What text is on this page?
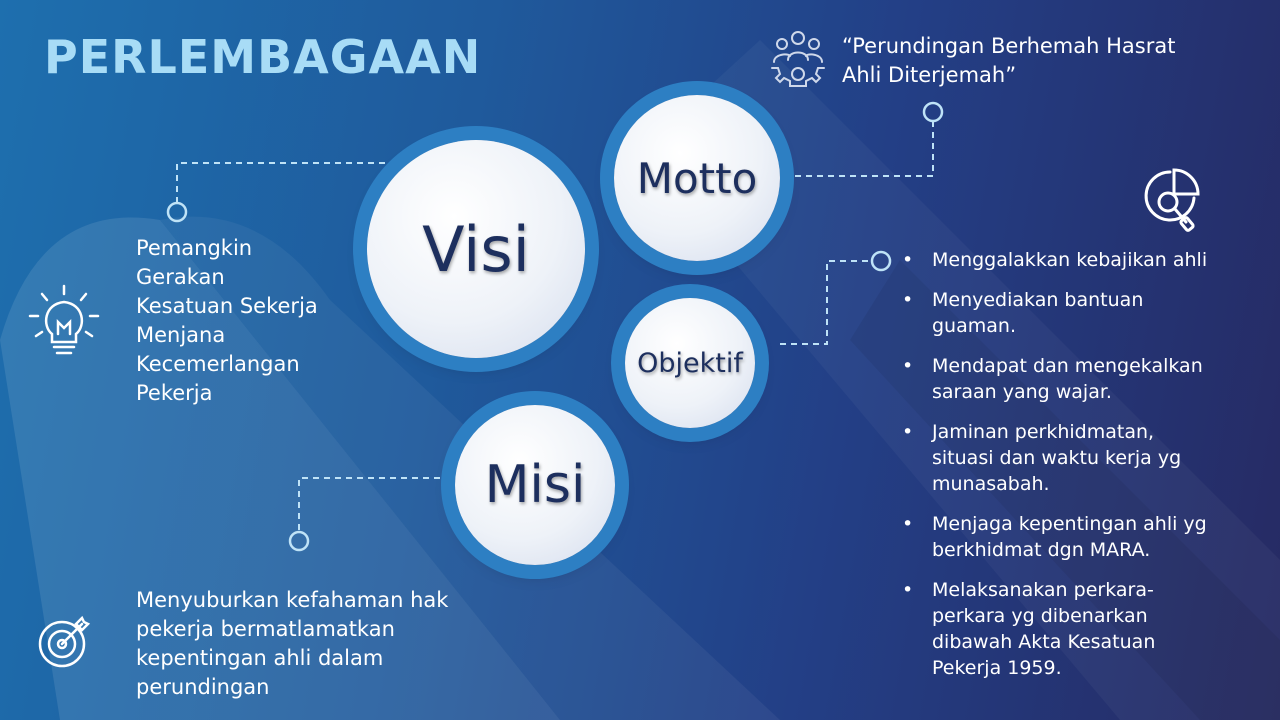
PERLEMBAGAAN
Visi
Motto
Objektif
Misi
Pemangkin
Gerakan
Kesatuan Sekerja
Menjana
Kecemerlangan
Pekerja
Menyuburkan kefahaman hak
pekerja bermatlamatkan
kepentingan ahli dalam
perundingan
“Perundingan Berhemah Hasrat
Ahli Diterjemah”
• Menggalakkan kebajikan ahli
• Menyediakan bantuan
guaman.
• Mendapat dan mengekalkan
saraan yang wajar.
• Jaminan perkhidmatan,
situasi dan waktu kerja yg
munasabah.
• Menjaga kepentingan ahli yg
berkhidmat dgn MARA.
• Melaksanakan perkara-
perkara yg dibenarkan
dibawah Akta Kesatuan
Pekerja 1959.
